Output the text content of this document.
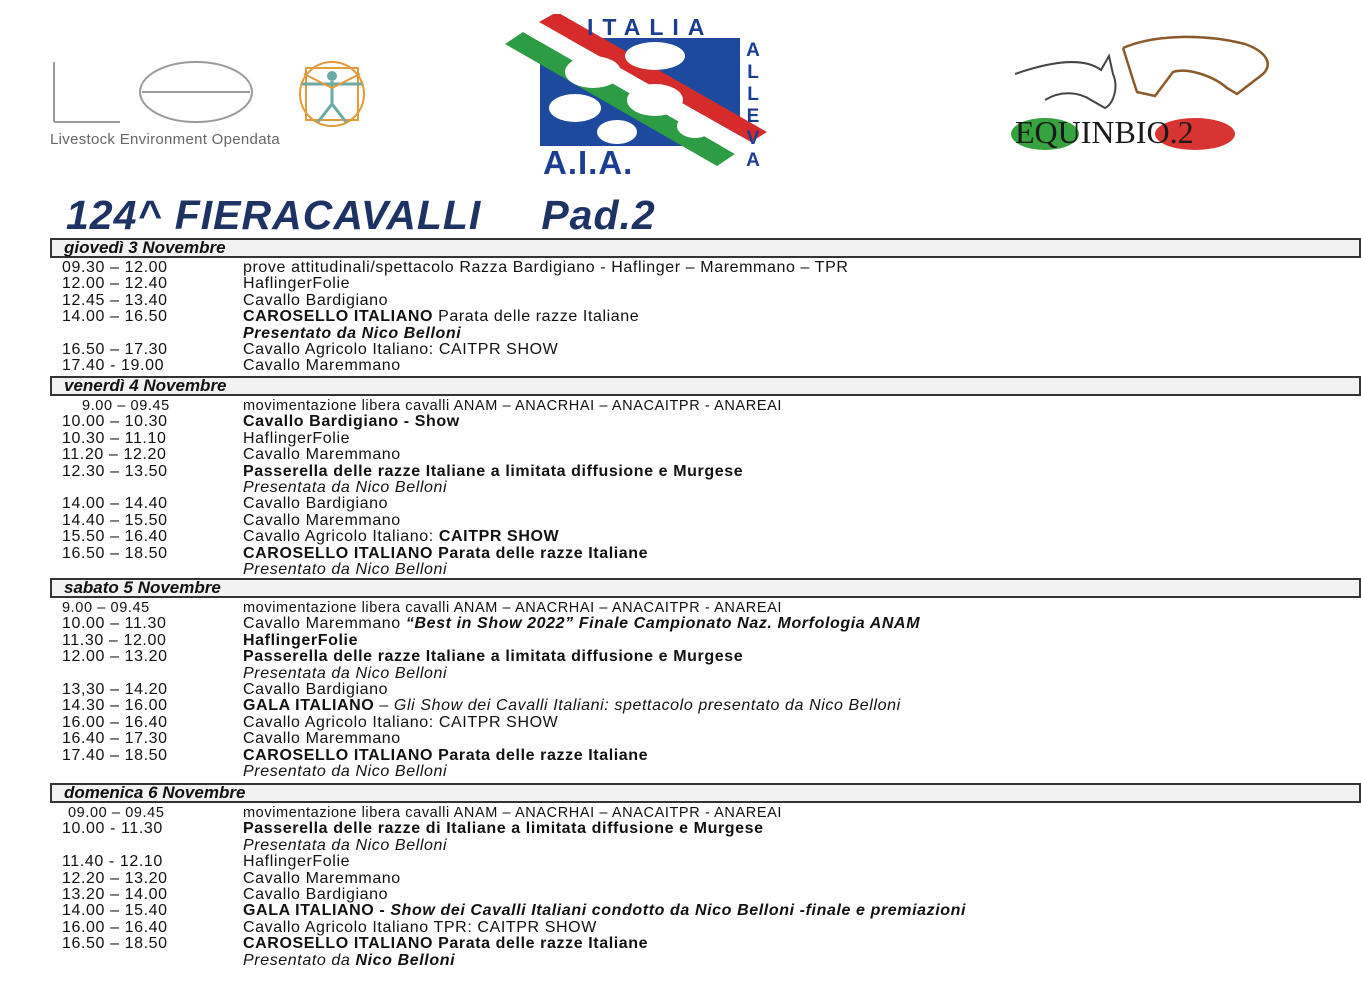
Livestock Environment Opendata
ITALIA
A
L
L
E
V
A
A.I.A.
EQUINBIO.2
124^ FIERACAVALLI Pad.2
giovedì 3 Novembre
09.30 – 12.00	prove attitudinali/spettacolo Razza Bardigiano - Haflinger – Maremmano – TPR
12.00 – 12.40	HaflingerFolie
12.45 – 13.40	Cavallo Bardigiano
14.00 – 16.50	CAROSELLO ITALIANO Parata delle razze Italiane
Presentato da Nico Belloni
16.50 – 17.30	Cavallo Agricolo Italiano: CAITPR SHOW
17.40 - 19.00	Cavallo Maremmano
venerdì 4 Novembre
9.00 – 09.45	movimentazione libera cavalli ANAM – ANACRHAI – ANACAITPR - ANAREAI
10.00 – 10.30	Cavallo Bardigiano - Show
10.30 – 11.10	HaflingerFolie
11.20 – 12.20	Cavallo Maremmano
12.30 – 13.50	Passerella delle razze Italiane a limitata diffusione e Murgese
Presentata da Nico Belloni
14.00 – 14.40	Cavallo Bardigiano
14.40 – 15.50	Cavallo Maremmano
15.50 – 16.40	Cavallo Agricolo Italiano: CAITPR SHOW
16.50 – 18.50	CAROSELLO ITALIANO Parata delle razze Italiane
Presentato da Nico Belloni
sabato 5 Novembre
9.00 – 09.45	movimentazione libera cavalli ANAM – ANACRHAI – ANACAITPR - ANAREAI
10.00 – 11.30	Cavallo Maremmano “Best in Show 2022” Finale Campionato Naz. Morfologia ANAM
11.30 – 12.00	HaflingerFolie
12.00 – 13.20	Passerella delle razze Italiane a limitata diffusione e Murgese
Presentata da Nico Belloni
13,30 – 14.20	Cavallo Bardigiano
14.30 – 16.00	GALA ITALIANO – Gli Show dei Cavalli Italiani: spettacolo presentato da Nico Belloni
16.00 – 16.40	Cavallo Agricolo Italiano: CAITPR SHOW
16.40 – 17.30	Cavallo Maremmano
17.40 – 18.50	CAROSELLO ITALIANO Parata delle razze Italiane
Presentato da Nico Belloni
domenica 6 Novembre
09.00 – 09.45	movimentazione libera cavalli ANAM – ANACRHAI – ANACAITPR - ANAREAI
10.00 - 11.30	Passerella delle razze di Italiane a limitata diffusione e Murgese
Presentata da Nico Belloni
11.40 - 12.10	HaflingerFolie
12.20 – 13.20	Cavallo Maremmano
13.20 – 14.00	Cavallo Bardigiano
14.00 – 15.40	GALA ITALIANO - Show dei Cavalli Italiani condotto da Nico Belloni -finale e premiazioni
16.00 – 16.40	Cavallo Agricolo Italiano TPR: CAITPR SHOW
16.50 – 18.50	CAROSELLO ITALIANO Parata delle razze Italiane
Presentato da Nico Belloni
